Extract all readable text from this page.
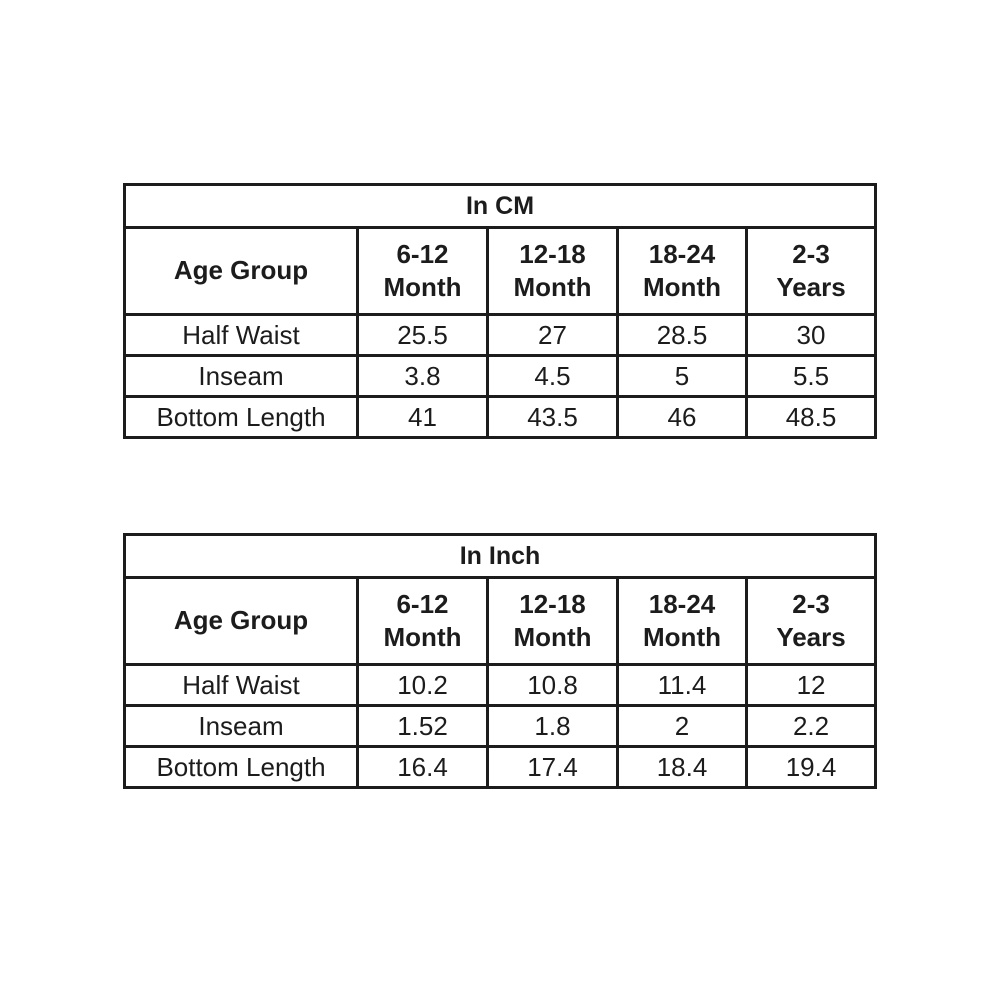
In CM				
Age Group	6-12 Month	12-18 Month	18-24 Month	2-3 Years
Half Waist	25.5	27	28.5	30
Inseam	3.8	4.5	5	5.5
Bottom Length	41	43.5	46	48.5
In Inch				
Age Group	6-12 Month	12-18 Month	18-24 Month	2-3 Years
Half Waist	10.2	10.8	11.4	12
Inseam	1.52	1.8	2	2.2
Bottom Length	16.4	17.4	18.4	19.4
